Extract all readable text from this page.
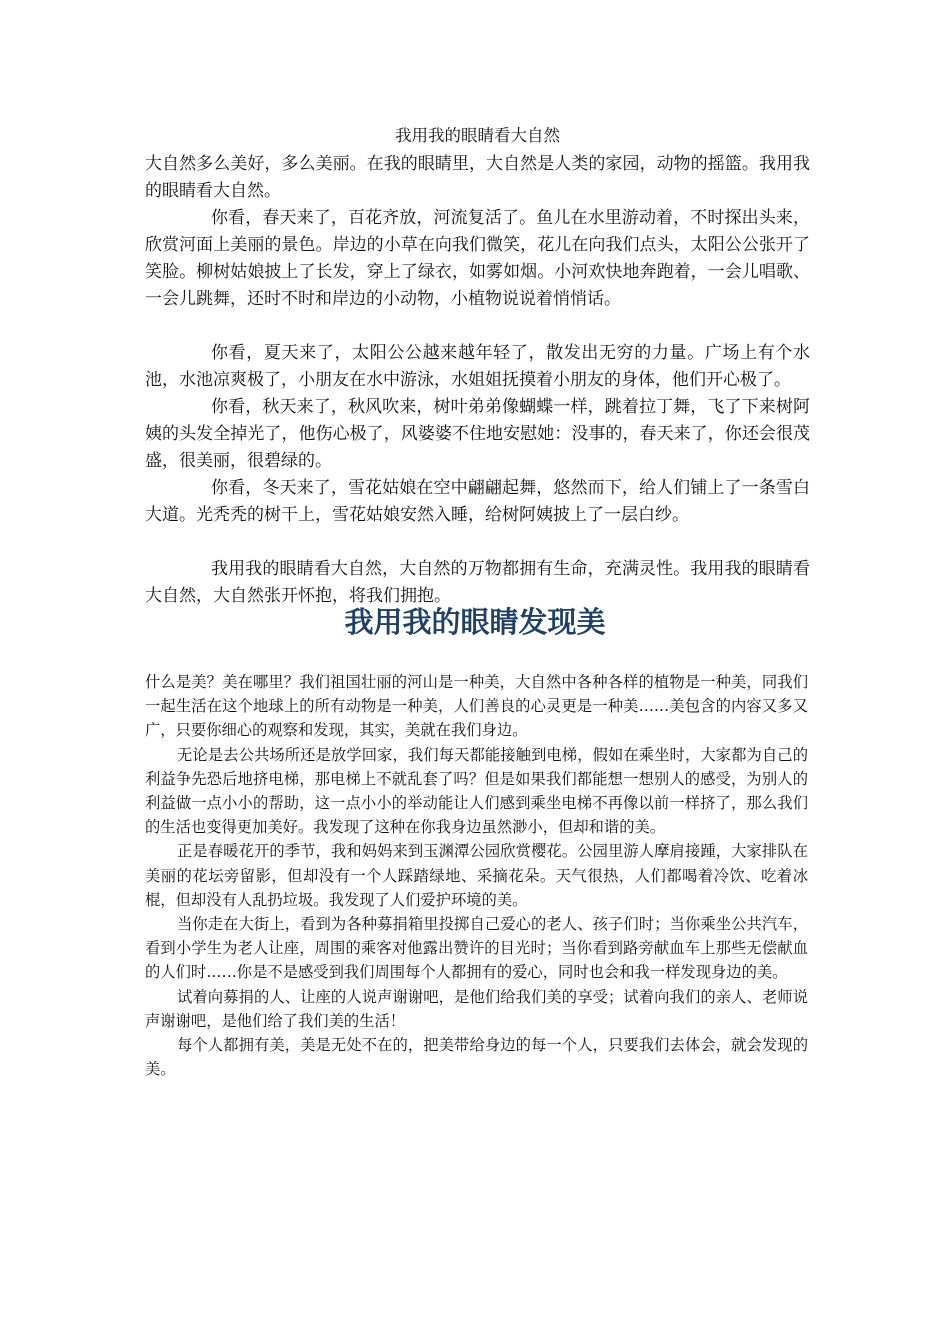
我用我的眼睛看大自然

大自然多么美好，多么美丽。在我的眼睛里，大自然是人类的家园，动物的摇篮。我用我的眼睛看大自然。

你看，春天来了，百花齐放，河流复活了。鱼儿在水里游动着，不时探出头来，欣赏河面上美丽的景色。岸边的小草在向我们微笑，花儿在向我们点头，太阳公公张开了笑脸。柳树姑娘披上了长发，穿上了绿衣，如雾如烟。小河欢快地奔跑着，一会儿唱歌、一会儿跳舞，还时不时和岸边的小动物，小植物说说着悄悄话。

你看，夏天来了，太阳公公越来越年轻了，散发出无穷的力量。广场上有个水池，水池凉爽极了，小朋友在水中游泳，水姐姐抚摸着小朋友的身体，他们开心极了。

你看，秋天来了，秋风吹来，树叶弟弟像蝴蝶一样，跳着拉丁舞，飞了下来树阿姨的头发全掉光了，他伤心极了，风婆婆不住地安慰她：没事的，春天来了，你还会很茂盛，很美丽，很碧绿的。

你看，冬天来了，雪花姑娘在空中翩翩起舞，悠然而下，给人们铺上了一条雪白大道。光秃秃的树干上，雪花姑娘安然入睡，给树阿姨披上了一层白纱。

我用我的眼睛看大自然，大自然的万物都拥有生命，充满灵性。我用我的眼睛看大自然，大自然张开怀抱，将我们拥抱。

我用我的眼睛发现美

什么是美？美在哪里？我们祖国壮丽的河山是一种美，大自然中各种各样的植物是一种美，同我们一起生活在这个地球上的所有动物是一种美，人们善良的心灵更是一种美……美包含的内容又多又广，只要你细心的观察和发现，其实，美就在我们身边。

无论是去公共场所还是放学回家，我们每天都能接触到电梯，假如在乘坐时，大家都为自己的利益争先恐后地挤电梯，那电梯上不就乱套了吗？但是如果我们都能想一想别人的感受，为别人的利益做一点小小的帮助，这一点小小的举动能让人们感到乘坐电梯不再像以前一样挤了，那么我们的生活也变得更加美好。我发现了这种在你我身边虽然渺小，但却和谐的美。

正是春暖花开的季节，我和妈妈来到玉渊潭公园欣赏樱花。公园里游人摩肩接踵，大家排队在美丽的花坛旁留影，但却没有一个人踩踏绿地、采摘花朵。天气很热，人们都喝着冷饮、吃着冰棍，但却没有人乱扔垃圾。我发现了人们爱护环境的美。

当你走在大街上，看到为各种募捐箱里投掷自己爱心的老人、孩子们时；当你乘坐公共汽车，看到小学生为老人让座，周围的乘客对他露出赞许的目光时；当你看到路旁献血车上那些无偿献血的人们时……你是不是感受到我们周围每个人都拥有的爱心，同时也会和我一样发现身边的美。

试着向募捐的人、让座的人说声谢谢吧，是他们给我们美的享受；试着向我们的亲人、老师说声谢谢吧，是他们给了我们美的生活！

每个人都拥有美，美是无处不在的，把美带给身边的每一个人，只要我们去体会，就会发现的美。
